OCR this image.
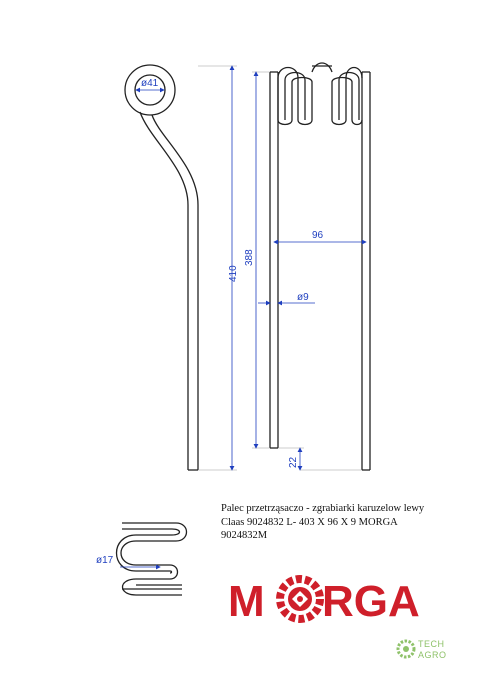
ø41
410
388
96
ø9
22
ø17
Palec przetrząsaczo - zgrabiarki karuzelow lewy
Claas 9024832 L- 403 X 96 X 9 MORGA
9024832M
M RGA
TECH
AGRO
